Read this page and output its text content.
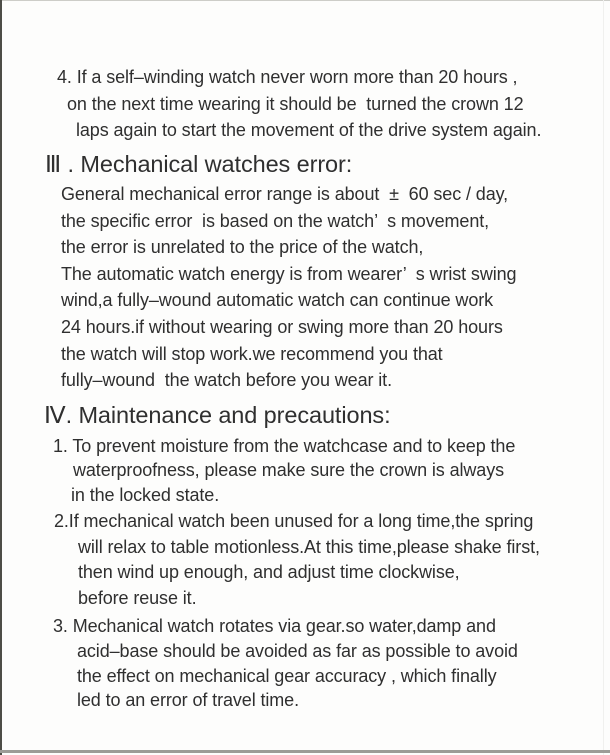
4. If a self–winding watch never worn more than 20 hours ,
on the next time wearing it should be  turned the crown 12
laps again to start the movement of the drive system again.
Ⅲ . Mechanical watches error:
General mechanical error range is about  ±  60 sec / day,
the specific error  is based on the watch’  s movement,
the error is unrelated to the price of the watch,
The automatic watch energy is from wearer’  s wrist swing
wind,a fully–wound automatic watch can continue work
24 hours.if without wearing or swing more than 20 hours
the watch will stop work.we recommend you that
fully–wound  the watch before you wear it.
Ⅳ. Maintenance and precautions:
1. To prevent moisture from the watchcase and to keep the
waterproofness, please make sure the crown is always
in the locked state.
2.If mechanical watch been unused for a long time,the spring
will relax to table motionless.At this time,please shake first,
then wind up enough, and adjust time clockwise,
before reuse it.
3. Mechanical watch rotates via gear.so water,damp and
acid–base should be avoided as far as possible to avoid
the effect on mechanical gear accuracy , which finally
led to an error of travel time.
